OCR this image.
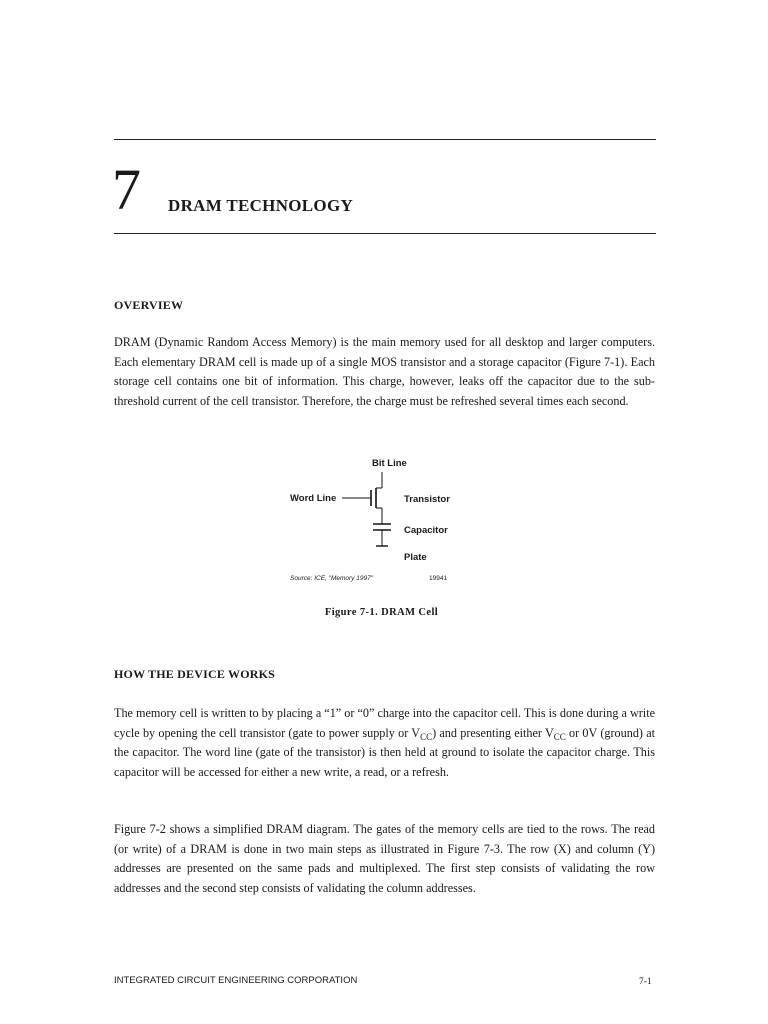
7 DRAM TECHNOLOGY
OVERVIEW

DRAM (Dynamic Random Access Memory) is the main memory used for all desktop and larger computers. Each elementary DRAM cell is made up of a single MOS transistor and a storage capacitor (Figure 7-1). Each storage cell contains one bit of information. This charge, however, leaks off the capacitor due to the sub-threshold current of the cell transistor. Therefore, the charge must be refreshed several times each second.

Bit Line
Word Line	Transistor
Capacitor
Plate
Source: ICE, "Memory 1997"	19941
Figure 7-1. DRAM Cell
HOW THE DEVICE WORKS

The memory cell is written to by placing a “1” or “0” charge into the capacitor cell. This is done during a write cycle by opening the cell transistor (gate to power supply or $V_{CC}$) and presenting either $V_{CC}$ or 0V (ground) at the capacitor. The word line (gate of the transistor) is then held at ground to isolate the capacitor charge. This capacitor will be accessed for either a new write, a read, or a refresh.

Figure 7-2 shows a simplified DRAM diagram. The gates of the memory cells are tied to the rows. The read (or write) of a DRAM is done in two main steps as illustrated in Figure 7-3. The row (X) and column (Y) addresses are presented on the same pads and multiplexed. The first step consists of validating the row addresses and the second step consists of validating the column addresses.

INTEGRATED CIRCUIT ENGINEERING CORPORATION	7-1
